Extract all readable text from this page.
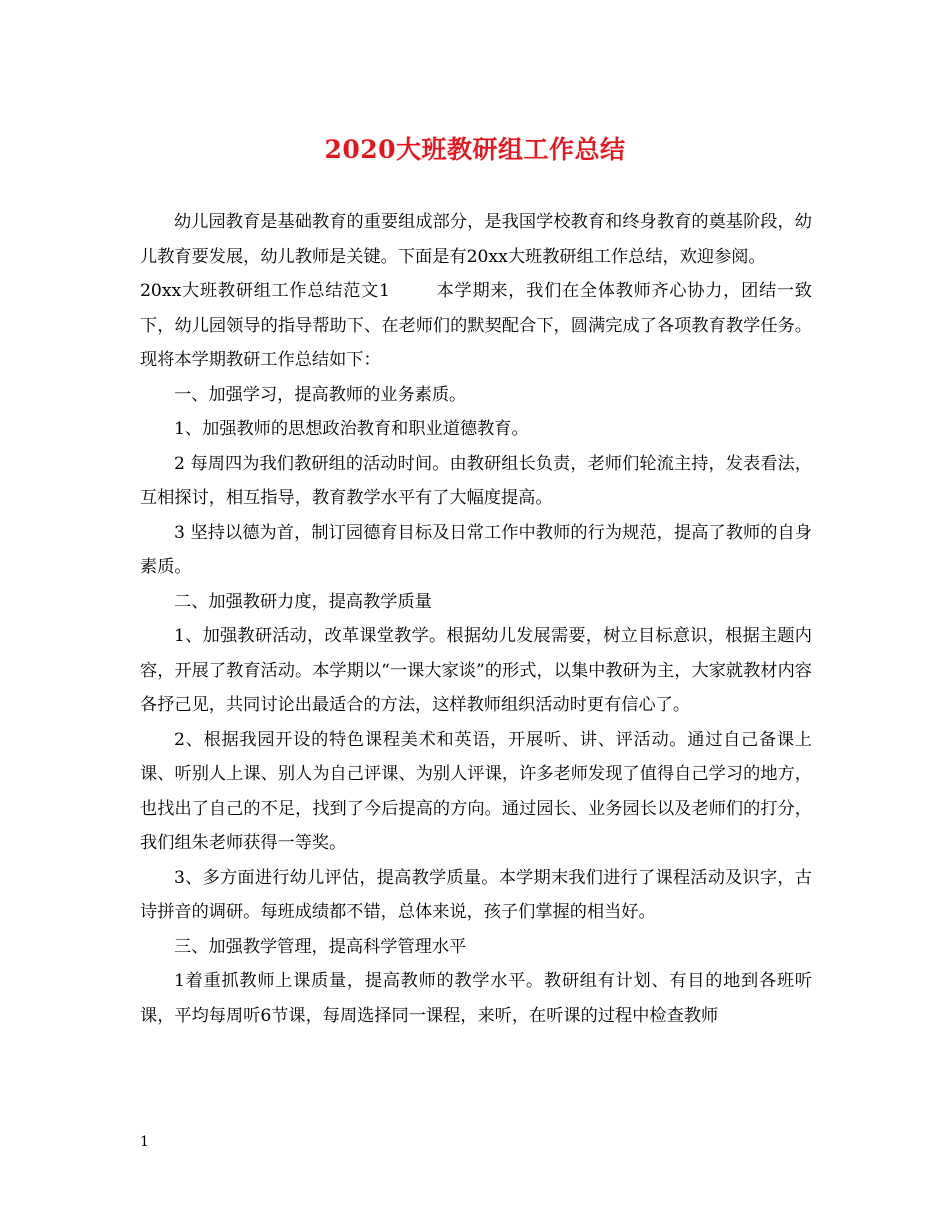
2020大班教研组工作总结

幼儿园教育是基础教育的重要组成部分，是我国学校教育和终身教育的奠基阶段，幼儿教育要发展，幼儿教师是关键。下面是有20xx大班教研组工作总结，欢迎参阅。

20xx大班教研组工作总结范文1	本学期来，我们在全体教师齐心协力，团结一致下，幼儿园领导的指导帮助下、在老师们的默契配合下，圆满完成了各项教育教学任务。现将本学期教研工作总结如下：

一、加强学习，提高教师的业务素质。

1、加强教师的思想政治教育和职业道德教育。

2 每周四为我们教研组的活动时间。由教研组长负责，老师们轮流主持，发表看法，互相探讨，相互指导，教育教学水平有了大幅度提高。

3 坚持以德为首，制订园德育目标及日常工作中教师的行为规范，提高了教师的自身素质。

二、加强教研力度，提高教学质量

1、加强教研活动，改革课堂教学。根据幼儿发展需要，树立目标意识，根据主题内容，开展了教育活动。本学期以“一课大家谈”的形式，以集中教研为主，大家就教材内容各抒己见，共同讨论出最适合的方法，这样教师组织活动时更有信心了。

2、根据我园开设的特色课程美术和英语，开展听、讲、评活动。通过自己备课上课、听别人上课、别人为自己评课、为别人评课，许多老师发现了值得自己学习的地方，也找出了自己的不足，找到了今后提高的方向。通过园长、业务园长以及老师们的打分，我们组朱老师获得一等奖。

3、多方面进行幼儿评估，提高教学质量。本学期末我们进行了课程活动及识字，古诗拼音的调研。每班成绩都不错，总体来说，孩子们掌握的相当好。

三、加强教学管理，提高科学管理水平

1着重抓教师上课质量，提高教师的教学水平。教研组有计划、有目的地到各班听课，平均每周听6节课，每周选择同一课程，来听，在听课的过程中检查教师

1
